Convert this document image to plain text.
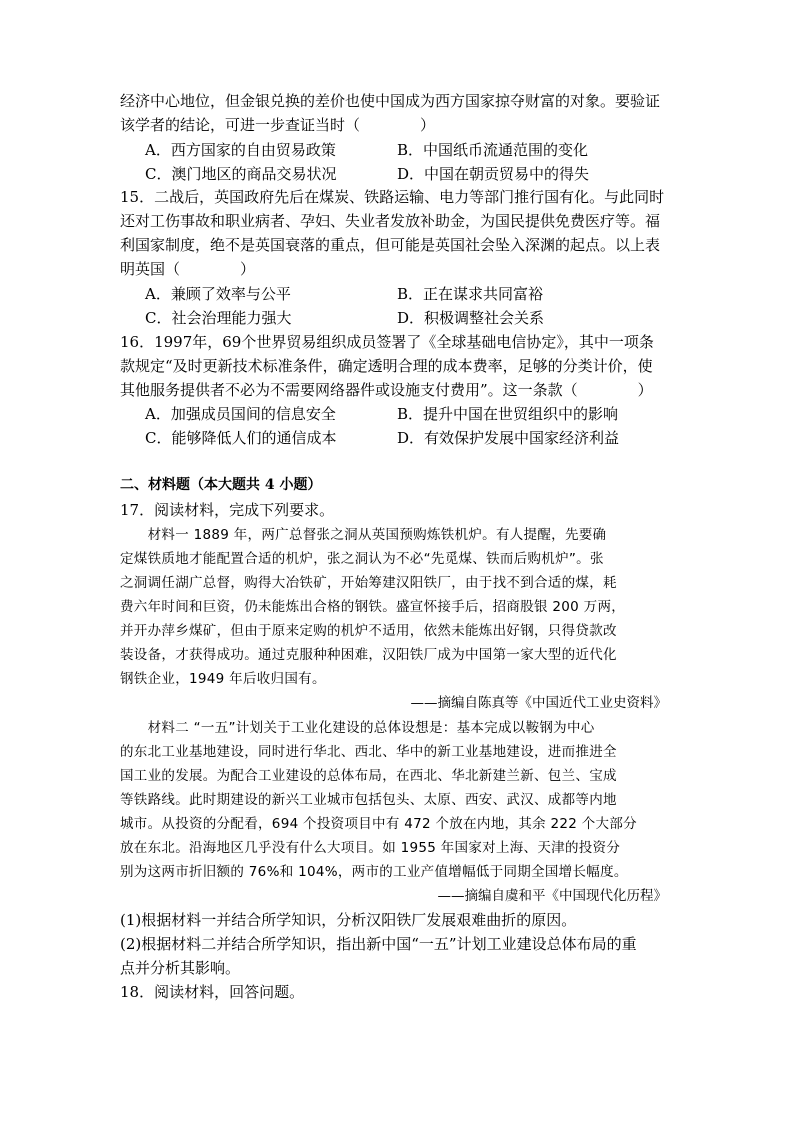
经济中心地位，但金银兑换的差价也使中国成为西方国家掠夺财富的对象。要验证
该学者的结论，可进一步查证当时（　　　　）
A．西方国家的自由贸易政策	B．中国纸币流通范围的变化
C．澳门地区的商品交易状况	D．中国在朝贡贸易中的得失
15．二战后，英国政府先后在煤炭、铁路运输、电力等部门推行国有化。与此同时
还对工伤事故和职业病者、孕妇、失业者发放补助金，为国民提供免费医疗等。福
利国家制度，绝不是英国衰落的重点，但可能是英国社会坠入深渊的起点。以上表
明英国（　　　　）
A．兼顾了效率与公平	B．正在谋求共同富裕
C．社会治理能力强大	D．积极调整社会关系
16．1997年，69个世界贸易组织成员签署了《全球基础电信协定》，其中一项条
款规定“及时更新技术标准条件，确定透明合理的成本费率，足够的分类计价，使
其他服务提供者不必为不需要网络器件或设施支付费用”。这一条款（　　　　）
A．加强成员国间的信息安全	B．提升中国在世贸组织中的影响
C．能够降低人们的通信成本	D．有效保护发展中国家经济利益
二、材料题（本大题共 4 小题）
17．阅读材料，完成下列要求。
　　材料一 1889 年，两广总督张之洞从英国预购炼铁机炉。有人提醒，先要确
定煤铁质地才能配置合适的机炉，张之洞认为不必“先觅煤、铁而后购机炉”。张
之洞调任湖广总督，购得大冶铁矿，开始筹建汉阳铁厂，由于找不到合适的煤，耗
费六年时间和巨资，仍未能炼出合格的钢铁。盛宣怀接手后，招商股银 200 万两，
并开办萍乡煤矿，但由于原来定购的机炉不适用，依然未能炼出好钢，只得贷款改
装设备，才获得成功。通过克服种种困难，汉阳铁厂成为中国第一家大型的近代化
钢铁企业，1949 年后收归国有。
——摘编自陈真等《中国近代工业史资料》
　　材料二 “一五”计划关于工业化建设的总体设想是：基本完成以鞍钢为中心
的东北工业基地建设，同时进行华北、西北、华中的新工业基地建设，进而推进全
国工业的发展。为配合工业建设的总体布局，在西北、华北新建兰新、包兰、宝成
等铁路线。此时期建设的新兴工业城市包括包头、太原、西安、武汉、成都等内地
城市。从投资的分配看，694 个投资项目中有 472 个放在内地，其余 222 个大部分
放在东北。沿海地区几乎没有什么大项目。如 1955 年国家对上海、天津的投资分
别为这两市折旧额的 76%和 104%，两市的工业产值增幅低于同期全国增长幅度。
——摘编自虞和平《中国现代化历程》
(1)根据材料一并结合所学知识，分析汉阳铁厂发展艰难曲折的原因。
(2)根据材料二并结合所学知识，指出新中国“一五”计划工业建设总体布局的重
点并分析其影响。
18．阅读材料，回答问题。
